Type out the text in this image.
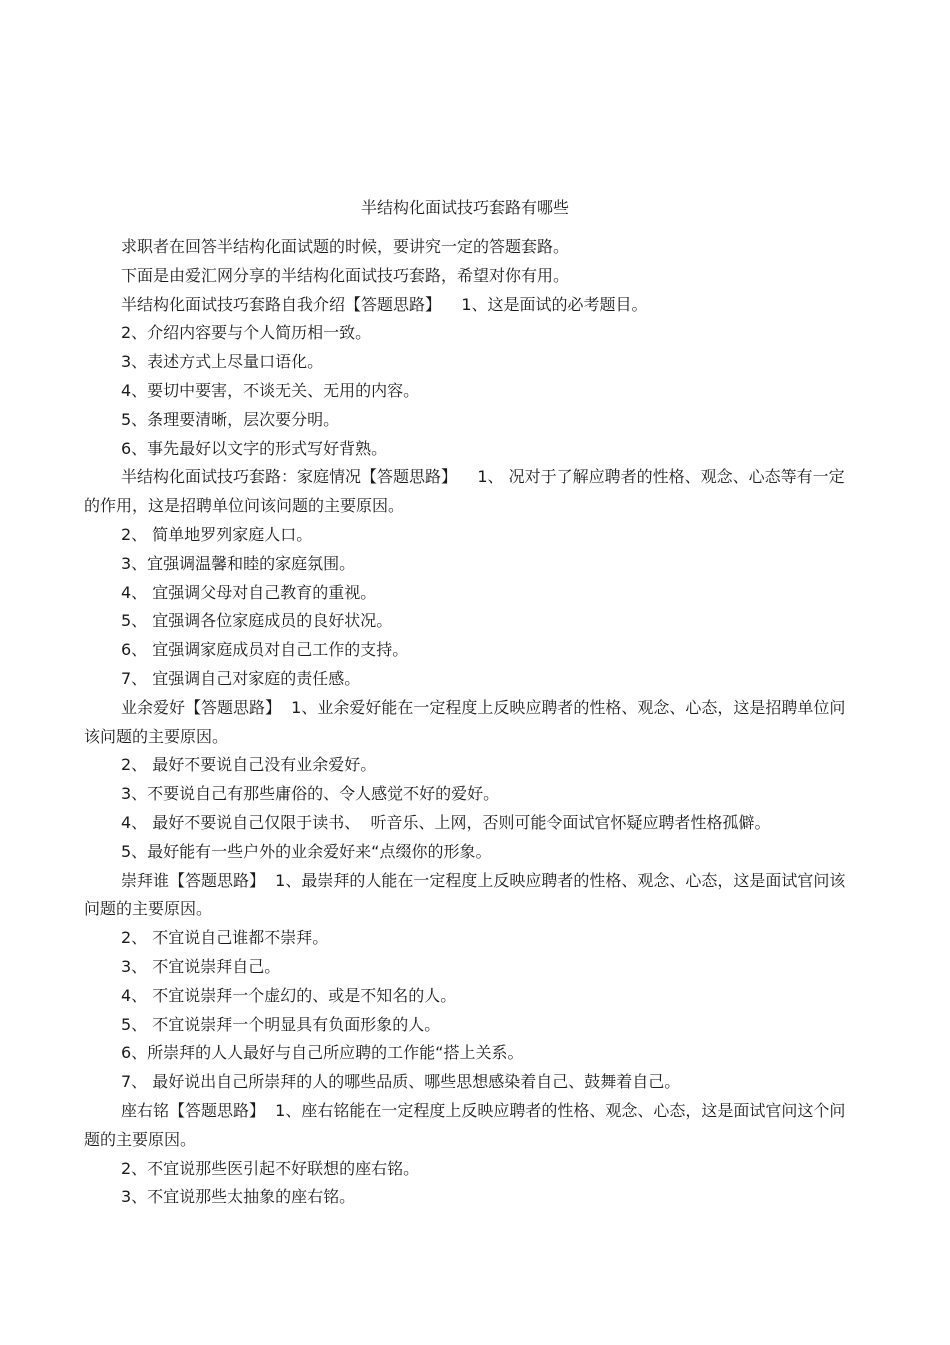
半结构化面试技巧套路有哪些

求职者在回答半结构化面试题的时候，要讲究一定的答题套路。

下面是由爱汇网分享的半结构化面试技巧套路，希望对你有用。

半结构化面试技巧套路自我介绍【答题思路】    1、这是面试的必考题目。

2、介绍内容要与个人简历相一致。

3、表述方式上尽量口语化。

4、要切中要害，不谈无关、无用的内容。

5、条理要清晰，层次要分明。

6、事先最好以文字的形式写好背熟。

半结构化面试技巧套路：家庭情况【答题思路】    1、 况对于了解应聘者的性格、观念、心态等有一定的作用，这是招聘单位问该问题的主要原因。

2、 简单地罗列家庭人口。

3、宜强调温馨和睦的家庭氛围。

4、 宜强调父母对自己教育的重视。

5、 宜强调各位家庭成员的良好状况。

6、 宜强调家庭成员对自己工作的支持。

7、 宜强调自己对家庭的责任感。

业余爱好【答题思路】  1、业余爱好能在一定程度上反映应聘者的性格、观念、心态，这是招聘单位问该问题的主要原因。

2、 最好不要说自己没有业余爱好。

3、不要说自己有那些庸俗的、令人感觉不好的爱好。

4、 最好不要说自己仅限于读书、  听音乐、上网，否则可能令面试官怀疑应聘者性格孤僻。

5、最好能有一些户外的业余爱好来“点缀你的形象。

崇拜谁【答题思路】  1、最崇拜的人能在一定程度上反映应聘者的性格、观念、心态，这是面试官问该问题的主要原因。

2、 不宜说自己谁都不崇拜。

3、 不宜说崇拜自己。

4、 不宜说崇拜一个虚幻的、或是不知名的人。

5、 不宜说崇拜一个明显具有负面形象的人。

6、所崇拜的人人最好与自己所应聘的工作能“搭上关系。

7、 最好说出自己所崇拜的人的哪些品质、哪些思想感染着自己、鼓舞着自己。

座右铭【答题思路】  1、座右铭能在一定程度上反映应聘者的性格、观念、心态，这是面试官问这个问题的主要原因。

2、不宜说那些医引起不好联想的座右铭。

3、不宜说那些太抽象的座右铭。
